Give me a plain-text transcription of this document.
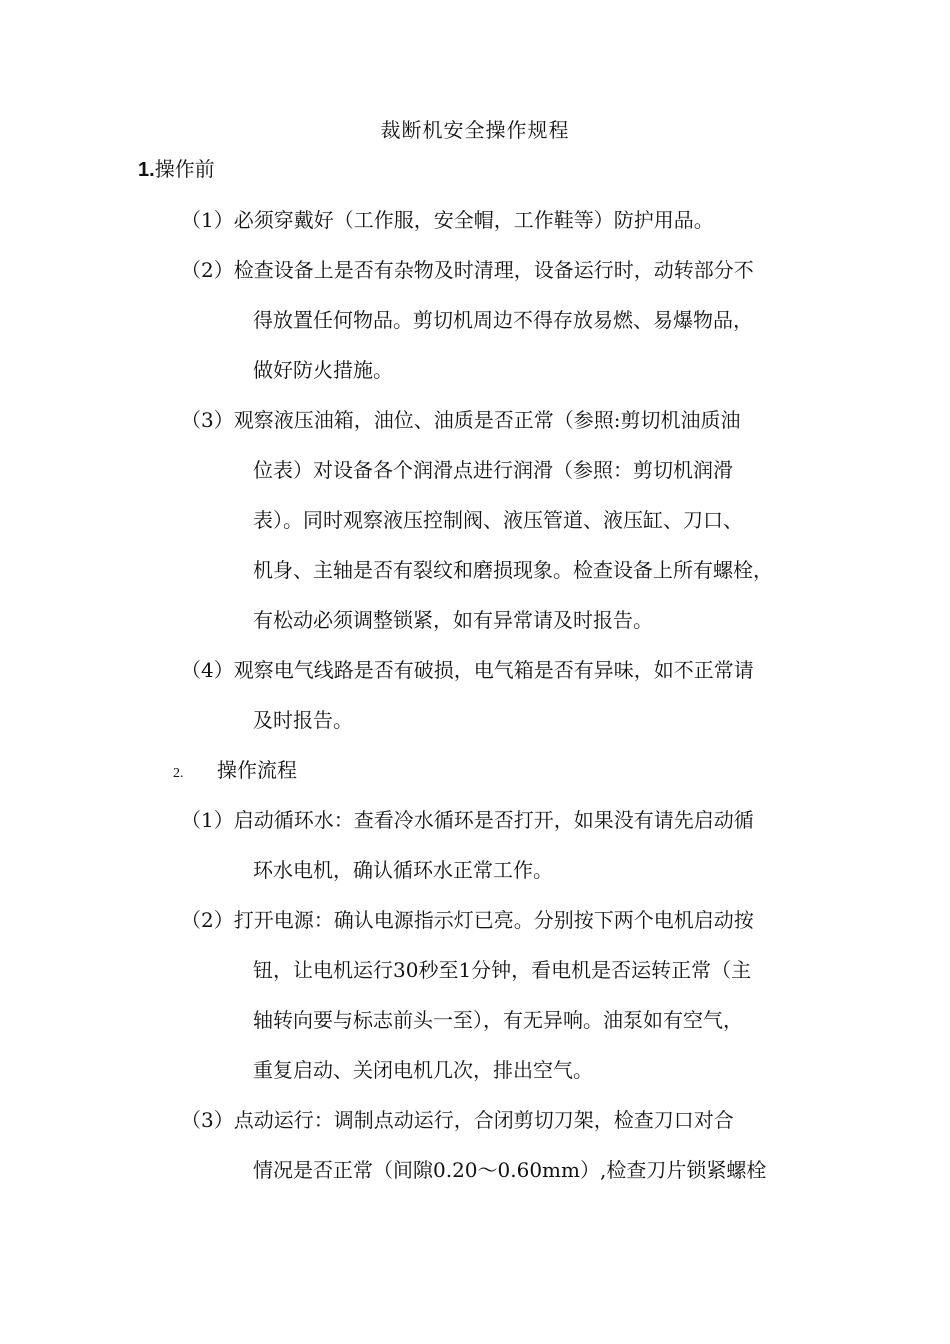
裁断机安全操作规程
1.操作前
（1）必须穿戴好（工作服，安全帽，工作鞋等）防护用品。
（2）检查设备上是否有杂物及时清理，设备运行时，动转部分不
得放置任何物品。剪切机周边不得存放易燃、易爆物品，
做好防火措施。
（3）观察液压油箱，油位、油质是否正常（参照:剪切机油质油
位表）对设备各个润滑点进行润滑（参照：剪切机润滑
表）。同时观察液压控制阀、液压管道、液压缸、刀口、
机身、主轴是否有裂纹和磨损现象。检查设备上所有螺栓，
有松动必须调整锁紧，如有异常请及时报告。
（4）观察电气线路是否有破损，电气箱是否有异味，如不正常请
及时报告。
2. 操作流程
（1）启动循环水：查看冷水循环是否打开，如果没有请先启动循
环水电机，确认循环水正常工作。
（2）打开电源：确认电源指示灯已亮。分别按下两个电机启动按
钮，让电机运行30秒至1分钟，看电机是否运转正常（主
轴转向要与标志前头一至），有无异响。油泵如有空气，
重复启动、关闭电机几次，排出空气。
（3）点动运行：调制点动运行，合闭剪切刀架，检查刀口对合
情况是否正常（间隙0.20〜0.60mm）,检查刀片锁紧螺栓
